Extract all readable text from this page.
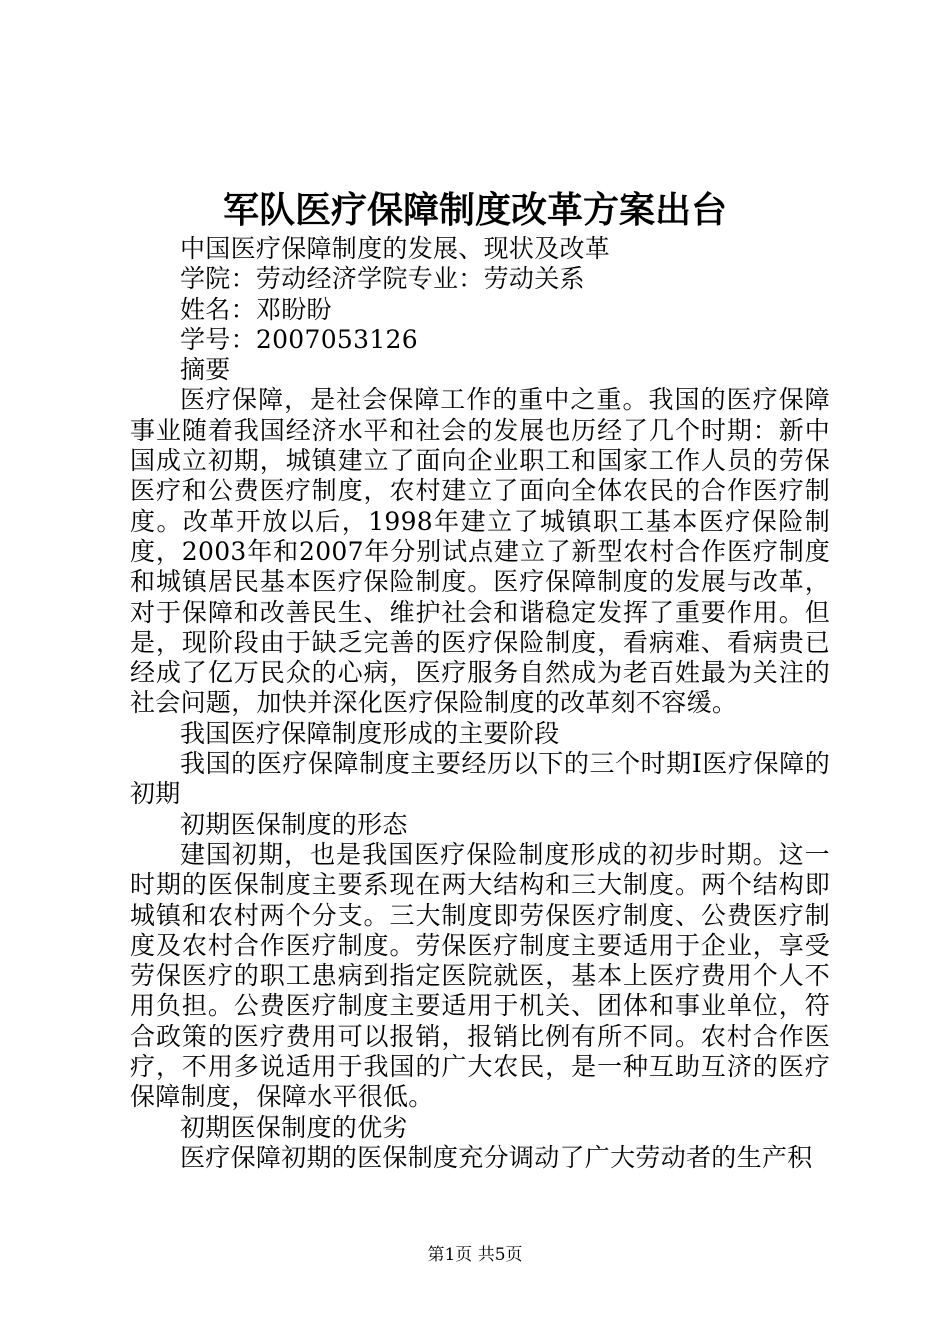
军队医疗保障制度改革方案出台

中国医疗保障制度的发展、现状及改革

学院：劳动经济学院专业：劳动关系

姓名：邓盼盼

学号：2007053126

摘要

医疗保障，是社会保障工作的重中之重。我国的医疗保障事业随着我国经济水平和社会的发展也历经了几个时期：新中国成立初期，城镇建立了面向企业职工和国家工作人员的劳保医疗和公费医疗制度，农村建立了面向全体农民的合作医疗制度。改革开放以后，1998年建立了城镇职工基本医疗保险制度，2003年和2007年分别试点建立了新型农村合作医疗制度和城镇居民基本医疗保险制度。医疗保障制度的发展与改革，对于保障和改善民生、维护社会和谐稳定发挥了重要作用。但是，现阶段由于缺乏完善的医疗保险制度，看病难、看病贵已经成了亿万民众的心病，医疗服务自然成为老百姓最为关注的社会问题，加快并深化医疗保险制度的改革刻不容缓。

我国医疗保障制度形成的主要阶段

我国的医疗保障制度主要经历以下的三个时期Ⅰ医疗保障的初期

初期医保制度的形态

建国初期，也是我国医疗保险制度形成的初步时期。这一时期的医保制度主要系现在两大结构和三大制度。两个结构即城镇和农村两个分支。三大制度即劳保医疗制度、公费医疗制度及农村合作医疗制度。劳保医疗制度主要适用于企业，享受劳保医疗的职工患病到指定医院就医，基本上医疗费用个人不用负担。公费医疗制度主要适用于机关、团体和事业单位，符合政策的医疗费用可以报销，报销比例有所不同。农村合作医疗，不用多说适用于我国的广大农民，是一种互助互济的医疗保障制度，保障水平很低。

初期医保制度的优劣

医疗保障初期的医保制度充分调动了广大劳动者的生产积

第1页 共5页
